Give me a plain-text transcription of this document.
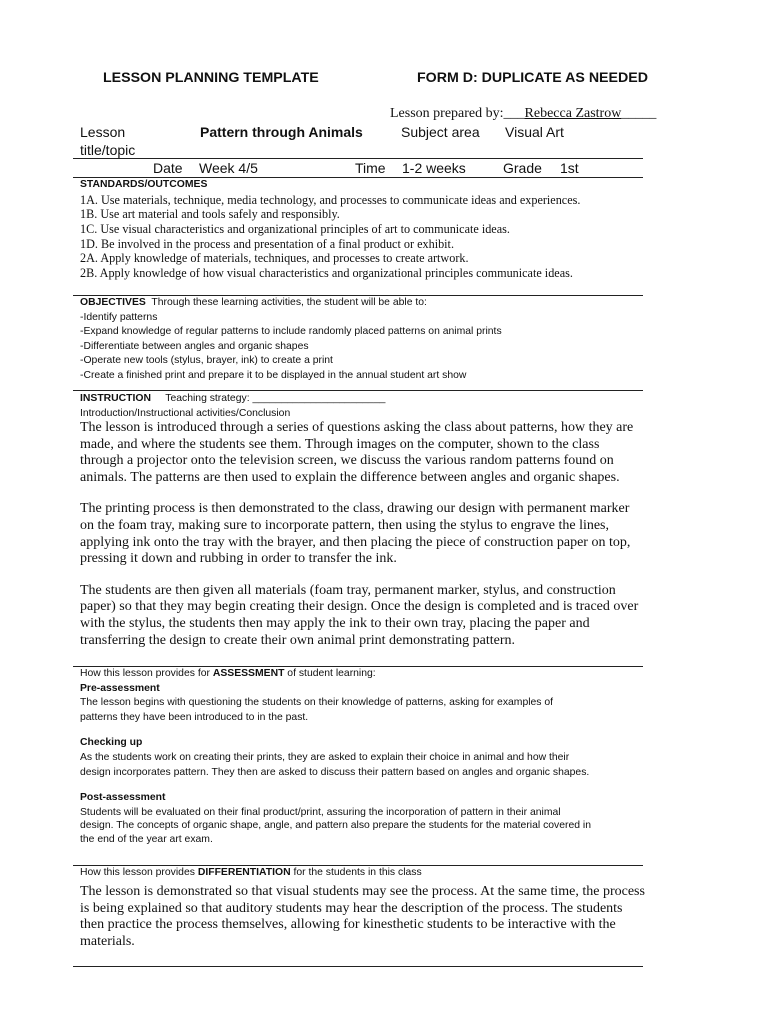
LESSON PLANNING TEMPLATE	FORM D: DUPLICATE AS NEEDED
Lesson prepared by:___Rebecca Zastrow_____
Lesson
title/topic
Pattern through Animals	Subject area Visual Art
Date Week 4/5	Time 1-2 weeks	Grade 1st
STANDARDS/OUTCOMES
1A. Use materials, technique, media technology, and processes to communicate ideas and experiences.
1B. Use art material and tools safely and responsibly.
1C. Use visual characteristics and organizational principles of art to communicate ideas.
1D. Be involved in the process and presentation of a final product or exhibit.
2A. Apply knowledge of materials, techniques, and processes to create artwork.
2B. Apply knowledge of how visual characteristics and organizational principles communicate ideas.
OBJECTIVES Through these learning activities, the student will be able to:
-Identify patterns
-Expand knowledge of regular patterns to include randomly placed patterns on animal prints
-Differentiate between angles and organic shapes
-Operate new tools (stylus, brayer, ink) to create a print
-Create a finished print and prepare it to be displayed in the annual student art show
INSTRUCTION Teaching strategy: _______________________
Introduction/Instructional activities/Conclusion

The lesson is introduced through a series of questions asking the class about patterns, how they are made, and where the students see them. Through images on the computer, shown to the class through a projector onto the television screen, we discuss the various random patterns found on animals. The patterns are then used to explain the difference between angles and organic shapes.

The printing process is then demonstrated to the class, drawing our design with permanent marker on the foam tray, making sure to incorporate pattern, then using the stylus to engrave the lines, applying ink onto the tray with the brayer, and then placing the piece of construction paper on top, pressing it down and rubbing in order to transfer the ink.

The students are then given all materials (foam tray, permanent marker, stylus, and construction paper) so that they may begin creating their design. Once the design is completed and is traced over with the stylus, the students then may apply the ink to their own tray, placing the paper and transferring the design to create their own animal print demonstrating pattern.

How this lesson provides for ASSESSMENT of student learning:
Pre-assessment
The lesson begins with questioning the students on their knowledge of patterns, asking for examples of
patterns they have been introduced to in the past.
Checking up
As the students work on creating their prints, they are asked to explain their choice in animal and how their
design incorporates pattern. They then are asked to discuss their pattern based on angles and organic shapes.
Post-assessment
Students will be evaluated on their final product/print, assuring the incorporation of pattern in their animal
design. The concepts of organic shape, angle, and pattern also prepare the students for the material covered in
the end of the year art exam.
How this lesson provides DIFFERENTIATION for the students in this class

The lesson is demonstrated so that visual students may see the process. At the same time, the process is being explained so that auditory students may hear the description of the process. The students then practice the process themselves, allowing for kinesthetic students to be interactive with the materials.
